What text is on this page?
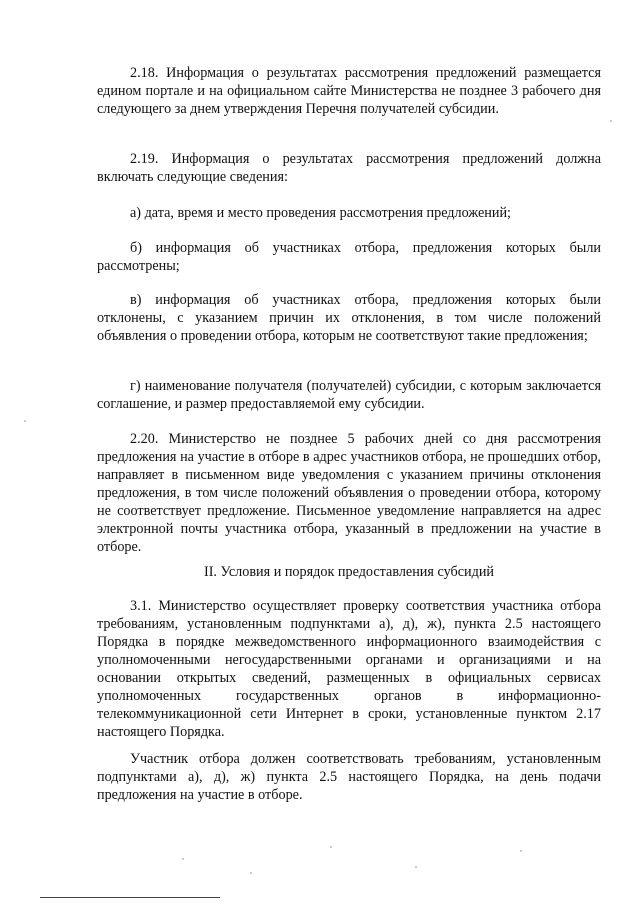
2.18. Информация о результатах рассмотрения предложений размещается едином портале и на официальном сайте Министерства не позднее 3 рабочего дня следующего за днем утверждения Перечня получателей субсидии.

2.19. Информация о результатах рассмотрения предложений должна включать следующие сведения:

а) дата, время и место проведения рассмотрения предложений;

б) информация об участниках отбора, предложения которых были рассмотрены;

в) информация об участниках отбора, предложения которых были отклонены, с указанием причин их отклонения, в том числе положений объявления о проведении отбора, которым не соответствуют такие предложения;

г) наименование получателя (получателей) субсидии, с которым заключается соглашение, и размер предоставляемой ему субсидии.

2.20. Министерство не позднее 5 рабочих дней со дня рассмотрения предложения на участие в отборе в адрес участников отбора, не прошедших отбор, направляет в письменном виде уведомления с указанием причины отклонения предложения, в том числе положений объявления о проведении отбора, которому не соответствует предложение. Письменное уведомление направляется на адрес электронной почты участника отбора, указанный в предложении на участие в отборе.

II. Условия и порядок предоставления субсидий

3.1. Министерство осуществляет проверку соответствия участника отбора требованиям, установленным подпунктами а), д), ж), пункта 2.5 настоящего Порядка в порядке межведомственного информационного взаимодействия с уполномоченными негосударственными органами и организациями и на основании открытых сведений, размещенных в официальных сервисах уполномоченных государственных органов в информационно-телекоммуникационной сети Интернет в сроки, установленные пунктом 2.17 настоящего Порядка.

Участник отбора должен соответствовать требованиям, установленным подпунктами а), д), ж) пункта 2.5 настоящего Порядка, на день подачи предложения на участие в отборе.
